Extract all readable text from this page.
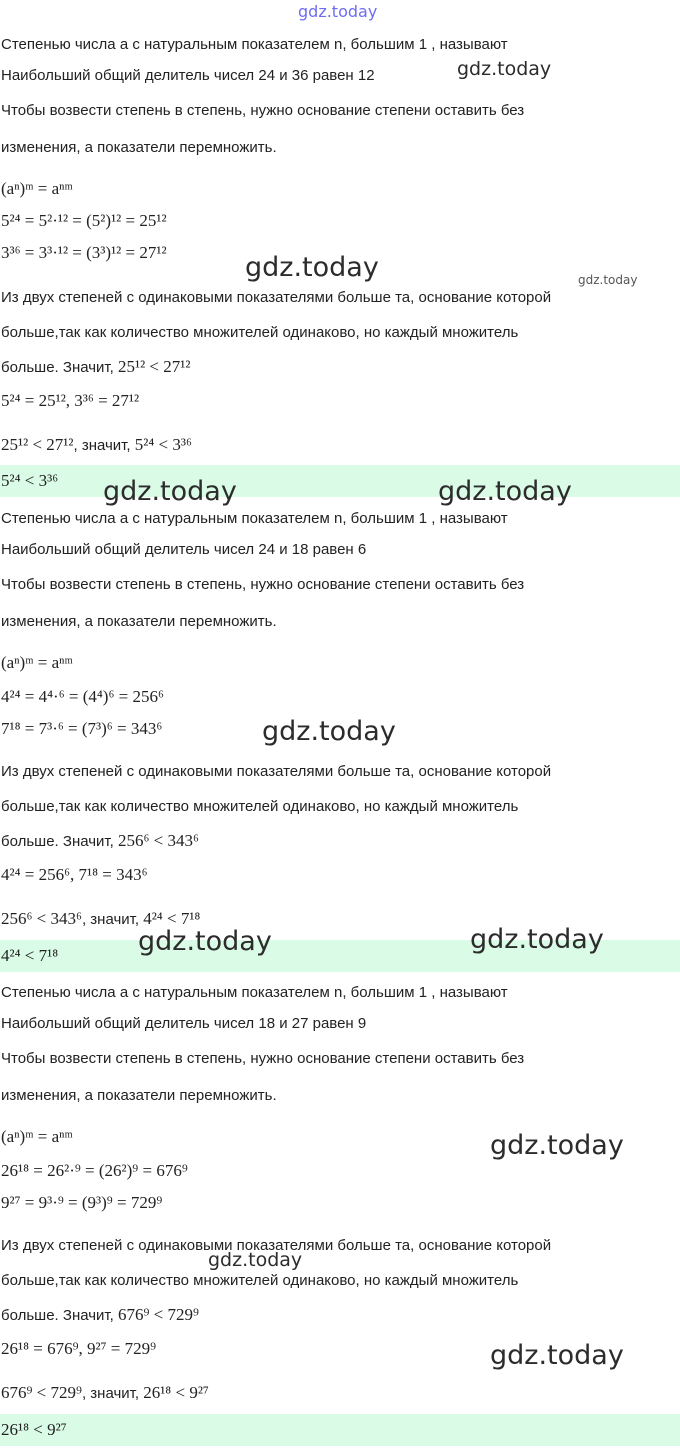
gdz.today
Степенью числа a с натуральным показателем n, большим 1 , называют
Наибольший общий делитель чисел 24 и 36 равен 12	gdz.today
Чтобы возвести степень в степень, нужно основание степени оставить без
изменения, а показатели перемножить.
(aⁿ)ᵐ = aⁿᵐ
5²⁴ = 5²·¹² = (5²)¹² = 25¹²
3³⁶ = 3³·¹² = (3³)¹² = 27¹²	gdz.today	gdz.today
Из двух степеней с одинаковыми показателями больше та, основание которой
больше,так как количество множителей одинаково, но каждый множитель
больше. Значит, 25¹² < 27¹²
5²⁴ = 25¹², 3³⁶ = 27¹²
25¹² < 27¹², значит, 5²⁴ < 3³⁶
5²⁴ < 3³⁶ gdz.today	gdz.today
Степенью числа a с натуральным показателем n, большим 1 , называют
Наибольший общий делитель чисел 24 и 18 равен 6
Чтобы возвести степень в степень, нужно основание степени оставить без
изменения, а показатели перемножить.
(aⁿ)ᵐ = aⁿᵐ
4²⁴ = 4⁴·⁶ = (4⁴)⁶ = 256⁶
7¹⁸ = 7³·⁶ = (7³)⁶ = 343⁶	gdz.today
Из двух степеней с одинаковыми показателями больше та, основание которой
больше,так как количество множителей одинаково, но каждый множитель
больше. Значит, 256⁶ < 343⁶
4²⁴ = 256⁶, 7¹⁸ = 343⁶
256⁶ < 343⁶, значит, 4²⁴ < 7¹⁸
4²⁴ < 7¹⁸	gdz.today	gdz.today
Степенью числа a с натуральным показателем n, большим 1 , называют
Наибольший общий делитель чисел 18 и 27 равен 9
Чтобы возвести степень в степень, нужно основание степени оставить без
изменения, а показатели перемножить.
(aⁿ)ᵐ = aⁿᵐ	gdz.today
26¹⁸ = 26²·⁹ = (26²)⁹ = 676⁹
9²⁷ = 9³·⁹ = (9³)⁹ = 729⁹
Из двух степеней с одинаковыми показателями больше та, основание которой
gdz.today
больше,так как количество множителей одинаково, но каждый множитель
больше. Значит, 676⁹ < 729⁹
26¹⁸ = 676⁹, 9²⁷ = 729⁹	gdz.today
676⁹ < 729⁹, значит, 26¹⁸ < 9²⁷
26¹⁸ < 9²⁷
